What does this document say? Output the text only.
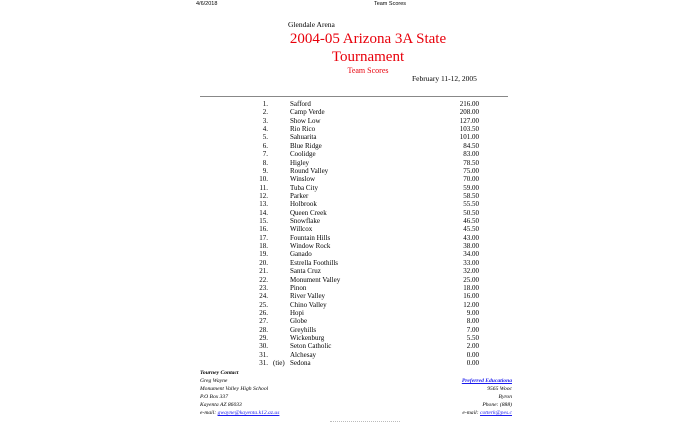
4/6/2018	Team Scores
Glendale Arena
2004-05 Arizona 3A State
Tournament
Team Scores
February 11-12, 2005
1.	Safford	216.00
2.	Camp Verde	208.00
3.	Show Low	127.00
4.	Rio Rico	103.50
5.	Sahuarita	101.00
6.	Blue Ridge	84.50
7.	Coolidge	83.00
8.	Higley	78.50
9.	Round Valley	75.00
10.	Winslow	70.00
11.	Tuba City	59.00
12.	Parker	58.50
13.	Holbrook	55.50
14.	Queen Creek	50.50
15.	Snowflake	46.50
16.	Willcox	45.50
17.	Fountain Hills	43.00
18.	Window Rock	38.00
19.	Ganado	34.00
20.	Estrella Foothills	33.00
21.	Santa Cruz	32.00
22.	Monument Valley	25.00
23.	Pinon	18.00
24.	River Valley	16.00
25.	Chino Valley	12.00
26.	Hopi	9.00
27.	Globe	8.00
28.	Greyhills	7.00
29.	Wickenburg	5.50
30.	Seton Catholic	2.00
31.	Alchesay	0.00
31. (tie) Sedona	0.00
Tourney Contact
Greg Wayne
Monument Valley High School
P.O Box 337
Kayenta AZ 86033
e-mail: gwayne@kayenta.k12.az.us
Preferred Educationa
9565 Wooc
Byron
Phone: (888)
e-mail: cotterk@pes.c
